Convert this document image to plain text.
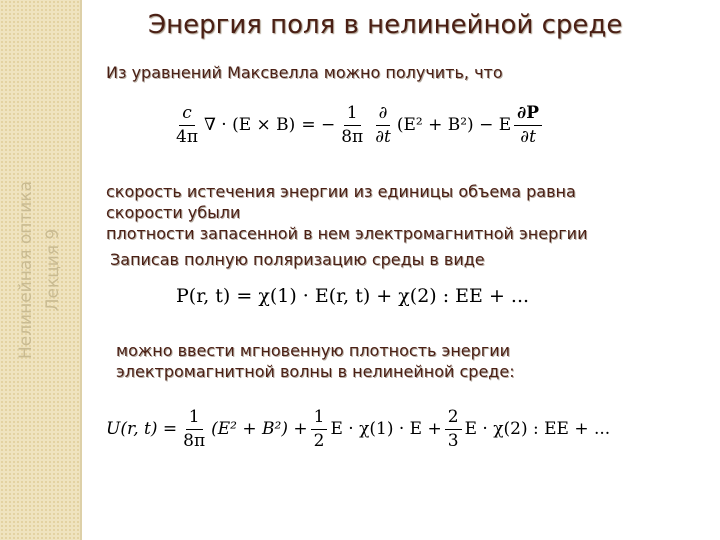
Нелинейная оптика Лекция 9
Энергия поля в нелинейной среде

Из уравнений Максвелла можно получить, что

$\frac{c}{4\pi}$ ∇ · (E × B) = − $\frac{1}{8\pi} \frac{\partial}{\partial t} (E^2 + B^2) - E \frac{\partial P}{\partial t}$

скорость истечения энергии из единицы объема равна

скорости убыли

плотности запасенной в нем электромагнитной энергии

Записав полную поляризацию среды в виде

P(r, t) = χ(1) · E(r, t) + χ(2) : EE + ...

можно ввести мгновенную плотность энергии

электромагнитной волны в нелинейной среде:

U(r, $t) = \frac{1}{8\pi} (E^2 + B^2) + \frac{1}{2}$ $E \cdot \chi(1) \cdot E + \frac{2}{3}$ E · χ(2) : EE + ...
